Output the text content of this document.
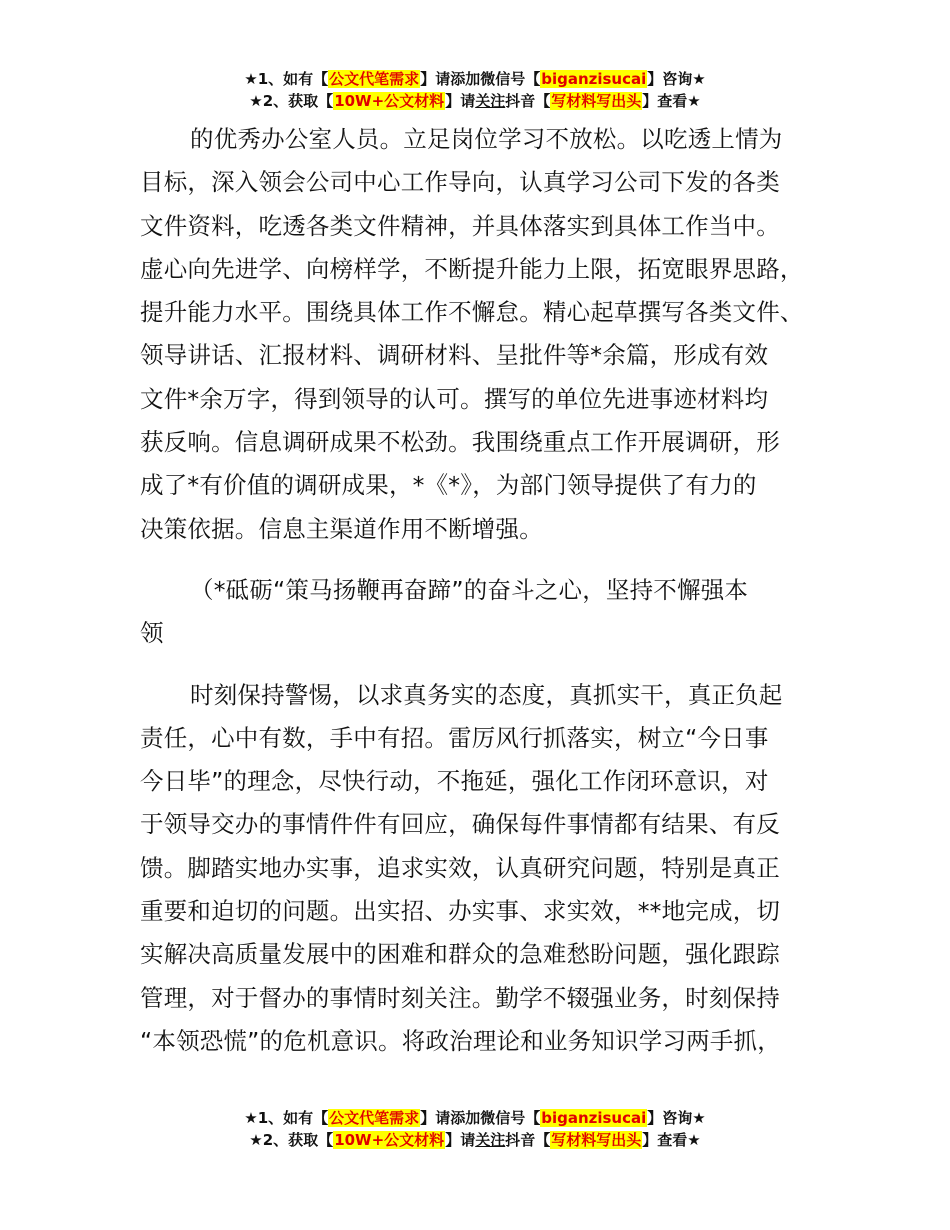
★1、如有【公文代笔需求】请添加微信号【biganzisucai】咨询★
★2、获取【10W+公文材料】请关注抖音【写材料写出头】查看★
的优秀办公室人员。立足岗位学习不放松。以吃透上情为
目标，深入领会公司中心工作导向，认真学习公司下发的各类
文件资料，吃透各类文件精神，并具体落实到具体工作当中。
虚心向先进学、向榜样学，不断提升能力上限，拓宽眼界思路，
提升能力水平。围绕具体工作不懈怠。精心起草撰写各类文件、
领导讲话、汇报材料、调研材料、呈批件等*余篇，形成有效
文件*余万字，得到领导的认可。撰写的单位先进事迹材料均
获反响。信息调研成果不松劲。我围绕重点工作开展调研，形
成了*有价值的调研成果，*《*》，为部门领导提供了有力的
决策依据。信息主渠道作用不断增强。
（*砥砺“策马扬鞭再奋蹄”的奋斗之心，坚持不懈强本
领
时刻保持警惕，以求真务实的态度，真抓实干，真正负起
责任，心中有数，手中有招。雷厉风行抓落实，树立“今日事
今日毕”的理念，尽快行动，不拖延，强化工作闭环意识，对
于领导交办的事情件件有回应，确保每件事情都有结果、有反
馈。脚踏实地办实事，追求实效，认真研究问题，特别是真正
重要和迫切的问题。出实招、办实事、求实效，**地完成，切
实解决高质量发展中的困难和群众的急难愁盼问题，强化跟踪
管理，对于督办的事情时刻关注。勤学不辍强业务，时刻保持
“本领恐慌”的危机意识。将政治理论和业务知识学习两手抓，
★1、如有【公文代笔需求】请添加微信号【biganzisucai】咨询★
★2、获取【10W+公文材料】请关注抖音【写材料写出头】查看★
